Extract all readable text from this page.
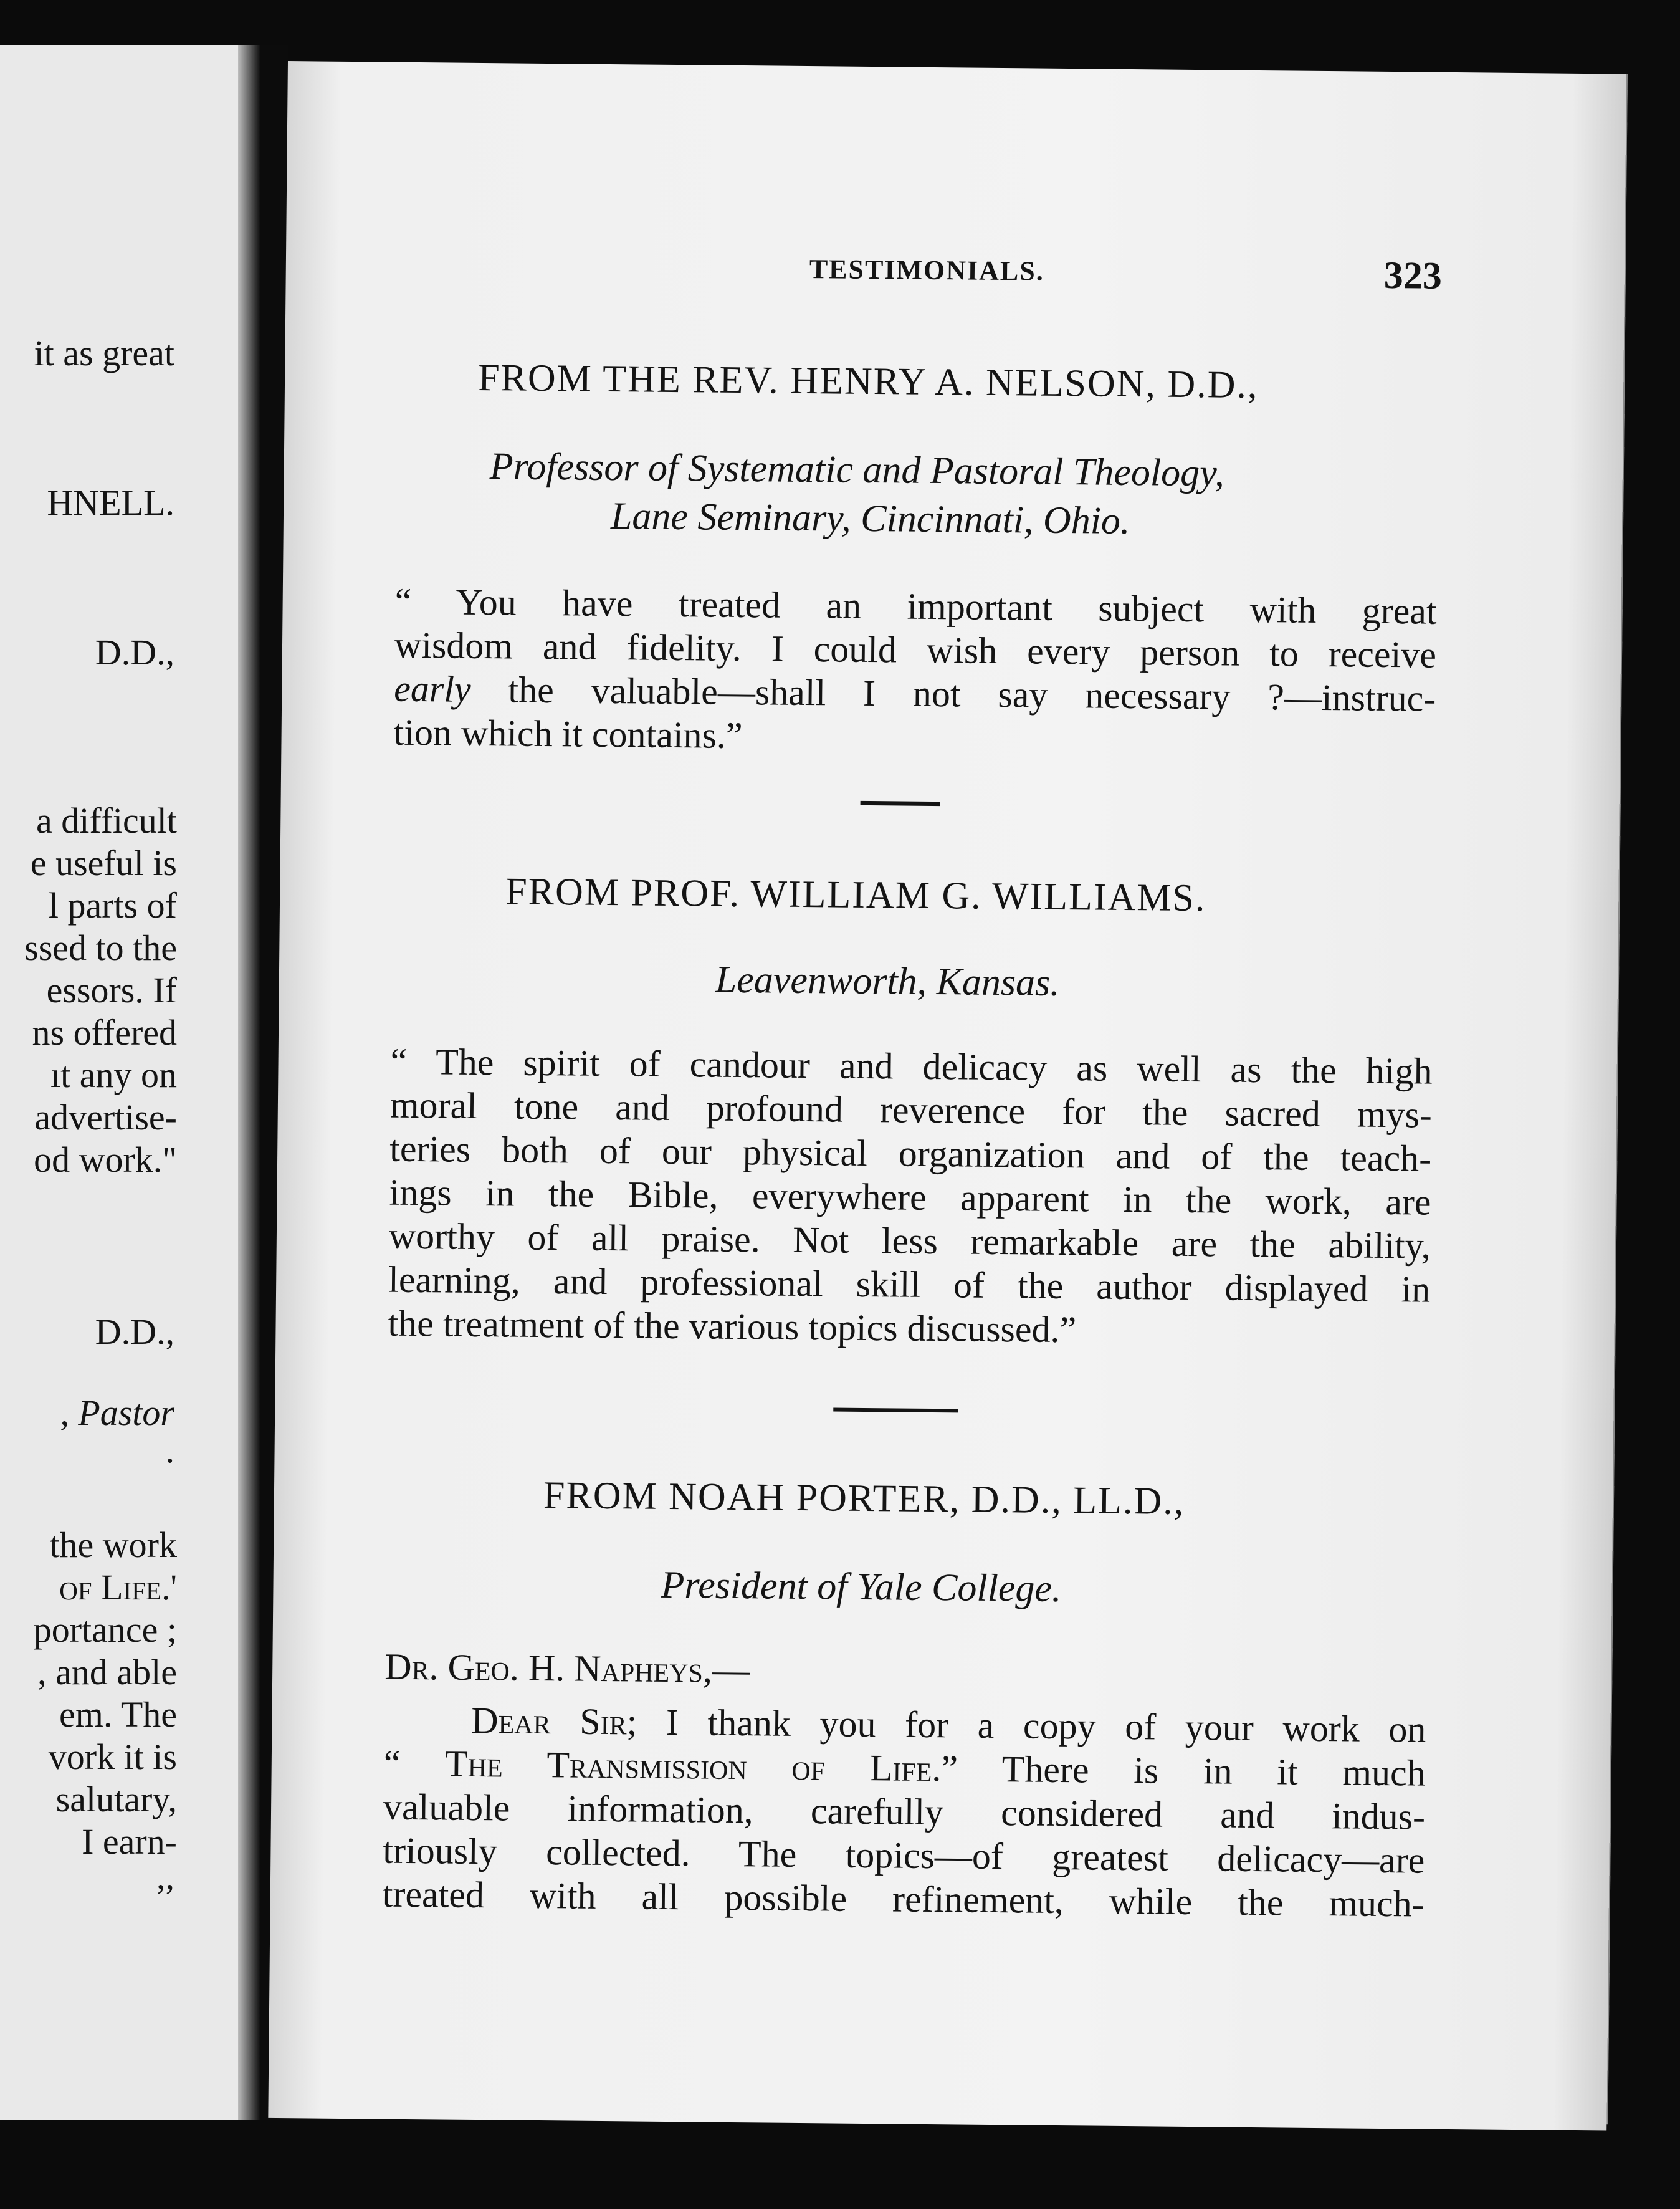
it as great
HNELL.
D.D.,
a difficult
e useful is
l parts of
ssed to the
essors. If
ns offered
ıt any on
advertise-
od work."
D.D.,
, Pastor
.
the work
of Life.'
portance ;
, and able
em. The
vork it is
salutary,
I earn-
,,
TESTIMONIALS.	323
FROM THE REV. HENRY A. NELSON, D.D.,
Professor of Systematic and Pastoral Theology,
Lane Seminary, Cincinnati, Ohio.
“ You have treated an important subject with great
wisdom and fidelity. I could wish every person to receive
early the valuable—shall I not say necessary ?—instruc-
tion which it contains.”
FROM PROF. WILLIAM G. WILLIAMS.
Leavenworth, Kansas.
“ The spirit of candour and delicacy as well as the high
moral tone and profound reverence for the sacred mys-
teries both of our physical organization and of the teach-
ings in the Bible, everywhere apparent in the work, are
worthy of all praise. Not less remarkable are the ability,
learning, and professional skill of the author displayed in
the treatment of the various topics discussed.”
FROM NOAH PORTER, D.D., LL.D.,
President of Yale College.
Dr. Geo. H. Napheys,—
Dear Sir; I thank you for a copy of your work on
“ The Transmission of Life.” There is in it much
valuable information, carefully considered and indus-
triously collected. The topics—of greatest delicacy—are
treated with all possible refinement, while the much-
